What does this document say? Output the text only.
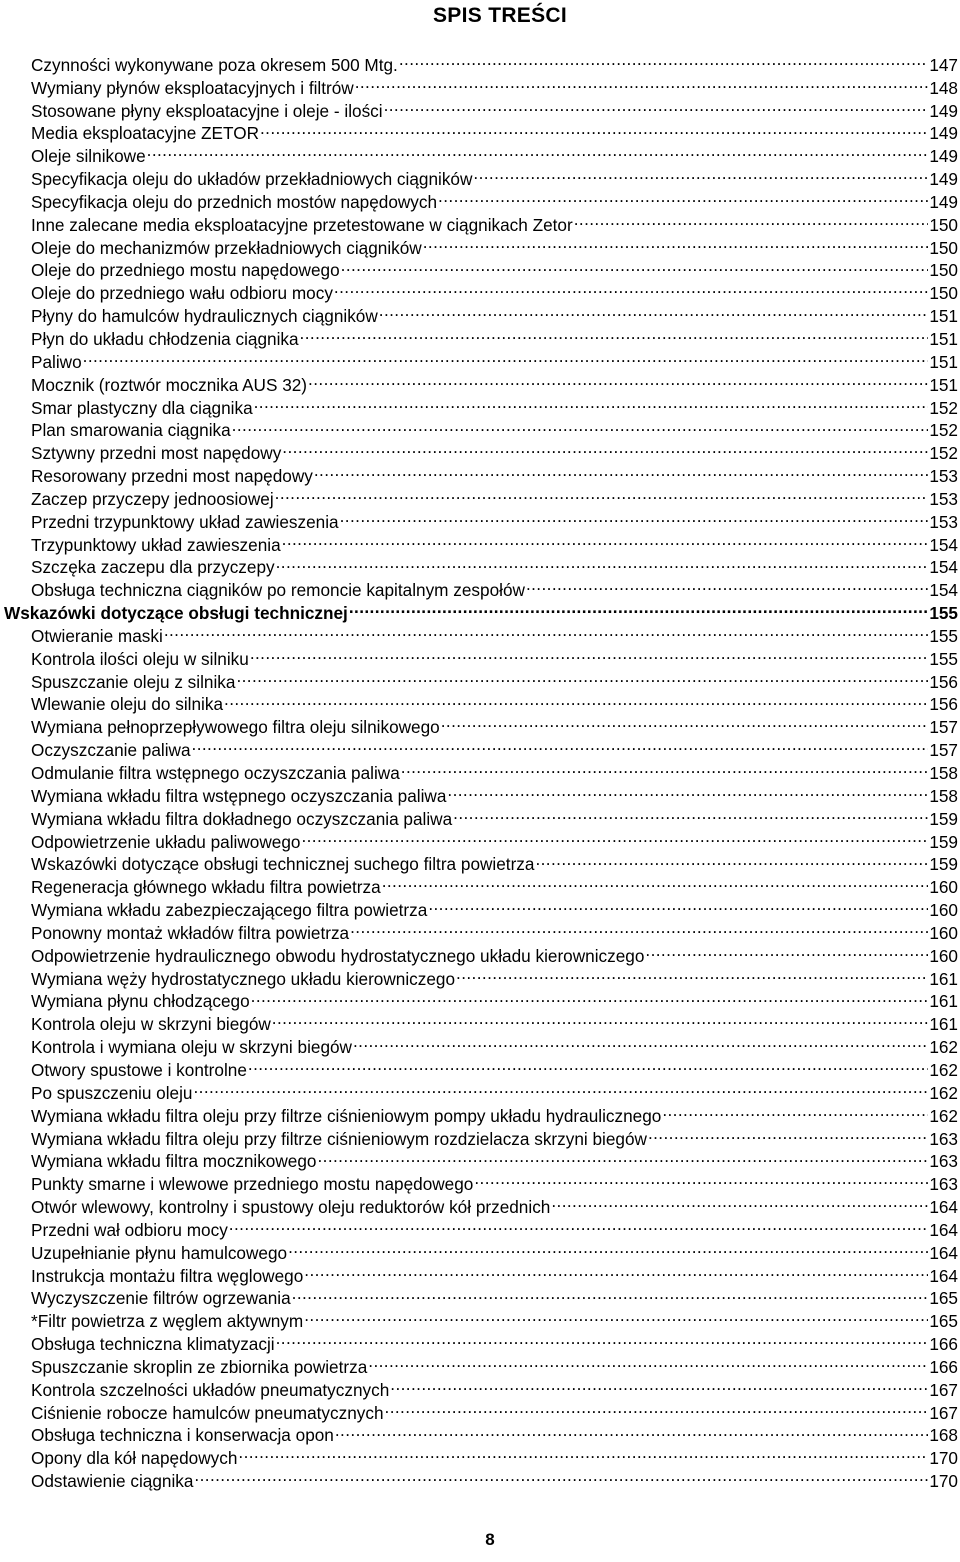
SPIS TREŚCI
Czynności wykonywane poza okresem 500 Mtg. .....	147
Wymiany płynów eksploatacyjnych i filtrów .....	148
Stosowane płyny eksploatacyjne i oleje - ilości .....	149
Media eksploatacyjne ZETOR .....	149
Oleje silnikowe .....	149
Specyfikacja oleju do układów przekładniowych ciągników .....	149
Specyfikacja oleju do przednich mostów napędowych .....	149
Inne zalecane media eksploatacyjne przetestowane w ciągnikach Zetor .....	150
Oleje do mechanizmów przekładniowych ciągników .....	150
Oleje do przedniego mostu napędowego .....	150
Oleje do przedniego wału odbioru mocy .....	150
Płyny do hamulców hydraulicznych ciągników .....	151
Płyn do układu chłodzenia ciągnika .....	151
Paliwo .....	151
Mocznik (roztwór mocznika AUS 32) .....	151
Smar plastyczny dla ciągnika .....	152
Plan smarowania ciągnika .....	152
Sztywny przedni most napędowy .....	152
Resorowany przedni most napędowy .....	153
Zaczep przyczepy jednoosiowej .....	153
Przedni trzypunktowy układ zawieszenia .....	153
Trzypunktowy układ zawieszenia .....	154
Szczęka zaczepu dla przyczepy .....	154
Obsługa techniczna ciągników po remoncie kapitalnym zespołów .....	154
Wskazówki dotyczące obsługi technicznej .....	155
Otwieranie maski .....	155
Kontrola ilości oleju w silniku .....	155
Spuszczanie oleju z silnika .....	156
Wlewanie oleju do silnika .....	156
Wymiana pełnoprzepływowego filtra oleju silnikowego .....	157
Oczyszczanie paliwa .....	157
Odmulanie filtra wstępnego oczyszczania paliwa .....	158
Wymiana wkładu filtra wstępnego oczyszczania paliwa .....	158
Wymiana wkładu filtra dokładnego oczyszczania paliwa .....	159
Odpowietrzenie układu paliwowego .....	159
Wskazówki dotyczące obsługi technicznej suchego filtra powietrza .....	159
Regeneracja głównego wkładu filtra powietrza .....	160
Wymiana wkładu zabezpieczającego filtra powietrza .....	160
Ponowny montaż wkładów filtra powietrza .....	160
Odpowietrzenie hydraulicznego obwodu hydrostatycznego układu kierowniczego .....	160
Wymiana węży hydrostatycznego układu kierowniczego .....	161
Wymiana płynu chłodzącego .....	161
Kontrola oleju w skrzyni biegów .....	161
Kontrola i wymiana oleju w skrzyni biegów .....	162
Otwory spustowe i kontrolne .....	162
Po spuszczeniu oleju .....	162
Wymiana wkładu filtra oleju przy filtrze ciśnieniowym pompy układu hydraulicznego .....	162
Wymiana wkładu filtra oleju przy filtrze ciśnieniowym rozdzielacza skrzyni biegów .....	163
Wymiana wkładu filtra mocznikowego .....	163
Punkty smarne i wlewowe przedniego mostu napędowego .....	163
Otwór wlewowy, kontrolny i spustowy oleju reduktorów kół przednich .....	164
Przedni wał odbioru mocy .....	164
Uzupełnianie płynu hamulcowego .....	164
Instrukcja montażu filtra węglowego .....	164
Wyczyszczenie filtrów ogrzewania .....	165
*Filtr powietrza z węglem aktywnym .....	165
Obsługa techniczna klimatyzacji .....	166
Spuszczanie skroplin ze zbiornika powietrza .....	166
Kontrola szczelności układów pneumatycznych .....	167
Ciśnienie robocze hamulców pneumatycznych .....	167
Obsługa techniczna i konserwacja opon .....	168
Opony dla kół napędowych .....	170
Odstawienie ciągnika .....	170
8
